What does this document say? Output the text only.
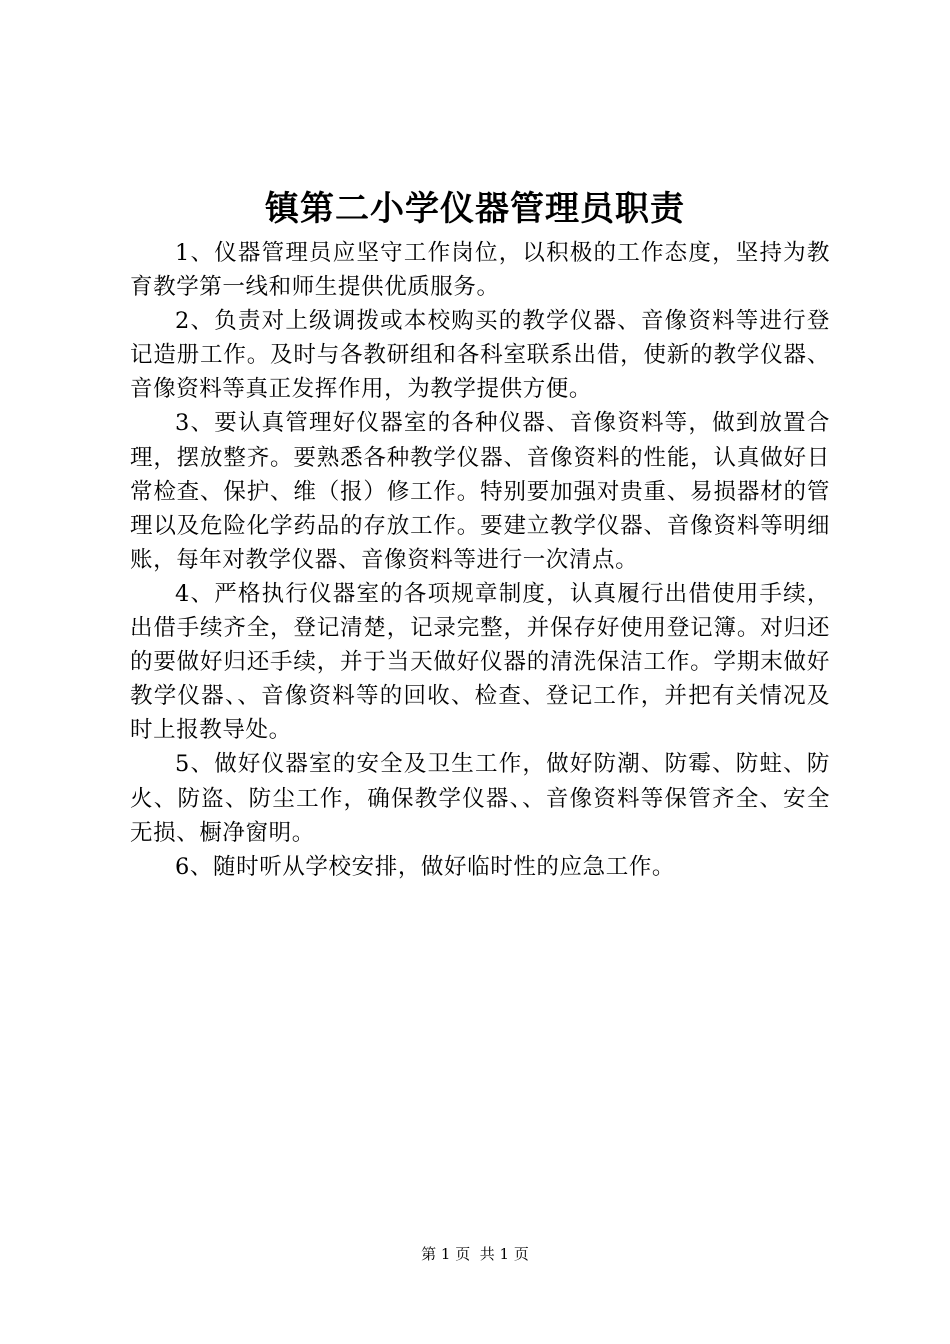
镇第二小学仪器管理员职责

1、仪器管理员应坚守工作岗位，以积极的工作态度，坚持为教育教学第一线和师生提供优质服务。

2、负责对上级调拨或本校购买的教学仪器、音像资料等进行登记造册工作。及时与各教研组和各科室联系出借，使新的教学仪器、音像资料等真正发挥作用，为教学提供方便。

3、要认真管理好仪器室的各种仪器、音像资料等，做到放置合理，摆放整齐。要熟悉各种教学仪器、音像资料的性能，认真做好日常检查、保护、维（报）修工作。特别要加强对贵重、易损器材的管理以及危险化学药品的存放工作。要建立教学仪器、音像资料等明细账，每年对教学仪器、音像资料等进行一次清点。

4、严格执行仪器室的各项规章制度，认真履行出借使用手续，出借手续齐全，登记清楚，记录完整，并保存好使用登记簿。对归还的要做好归还手续，并于当天做好仪器的清洗保洁工作。学期末做好教学仪器、、音像资料等的回收、检查、登记工作，并把有关情况及时上报教导处。

5、做好仪器室的安全及卫生工作，做好防潮、防霉、防蛀、防火、防盗、防尘工作，确保教学仪器、、音像资料等保管齐全、安全无损、橱净窗明。

6、随时听从学校安排，做好临时性的应急工作。

第 1 页  共 1 页
